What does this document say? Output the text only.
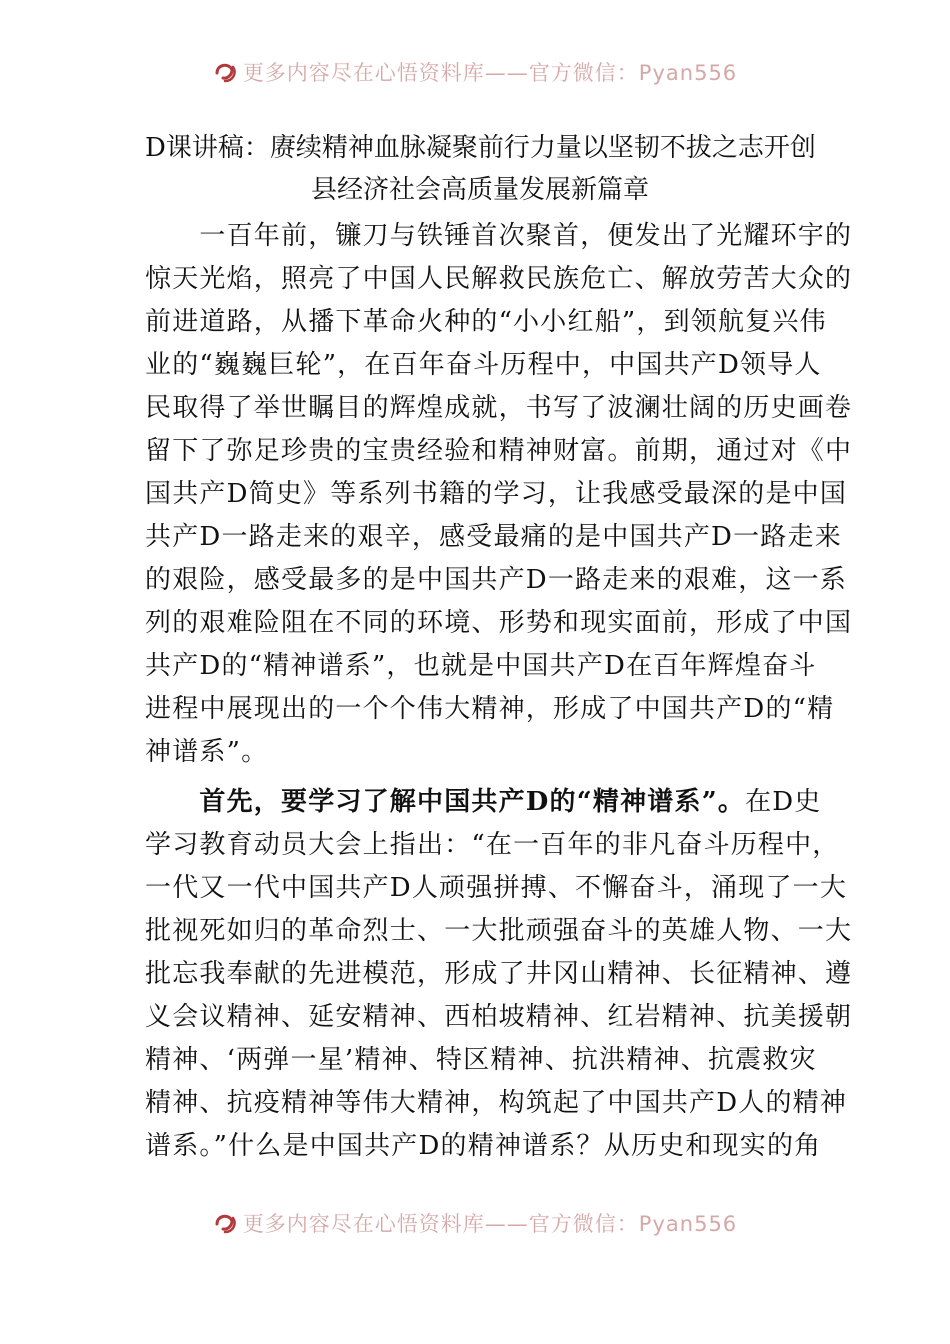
更多内容尽在心悟资料库——官方微信：Pyan556
D课讲稿：赓续精神血脉凝聚前行力量以坚韧不拔之志开创
县经济社会高质量发展新篇章
　　一百年前，镰刀与铁锤首次聚首，便发出了光耀环宇的
惊天光焰，照亮了中国人民解救民族危亡、解放劳苦大众的
前进道路，从播下革命火种的“小小红船”，到领航复兴伟
业的“巍巍巨轮”，在百年奋斗历程中，中国共产D领导人
民取得了举世瞩目的辉煌成就，书写了波澜壮阔的历史画卷
留下了弥足珍贵的宝贵经验和精神财富。前期，通过对《中
国共产D简史》等系列书籍的学习，让我感受最深的是中国
共产D一路走来的艰辛，感受最痛的是中国共产D一路走来
的艰险，感受最多的是中国共产D一路走来的艰难，这一系
列的艰难险阻在不同的环境、形势和现实面前，形成了中国
共产D的“精神谱系”，也就是中国共产D在百年辉煌奋斗
进程中展现出的一个个伟大精神，形成了中国共产D的“精
神谱系”。
　　首先，要学习了解中国共产D的“精神谱系”。在D史
学习教育动员大会上指出：“在一百年的非凡奋斗历程中，
一代又一代中国共产D人顽强拼搏、不懈奋斗，涌现了一大
批视死如归的革命烈士、一大批顽强奋斗的英雄人物、一大
批忘我奉献的先进模范，形成了井冈山精神、长征精神、遵
义会议精神、延安精神、西柏坡精神、红岩精神、抗美援朝
精神、‘两弹一星’精神、特区精神、抗洪精神、抗震救灾
精神、抗疫精神等伟大精神，构筑起了中国共产D人的精神
谱系。”什么是中国共产D的精神谱系？从历史和现实的角
更多内容尽在心悟资料库——官方微信：Pyan556
